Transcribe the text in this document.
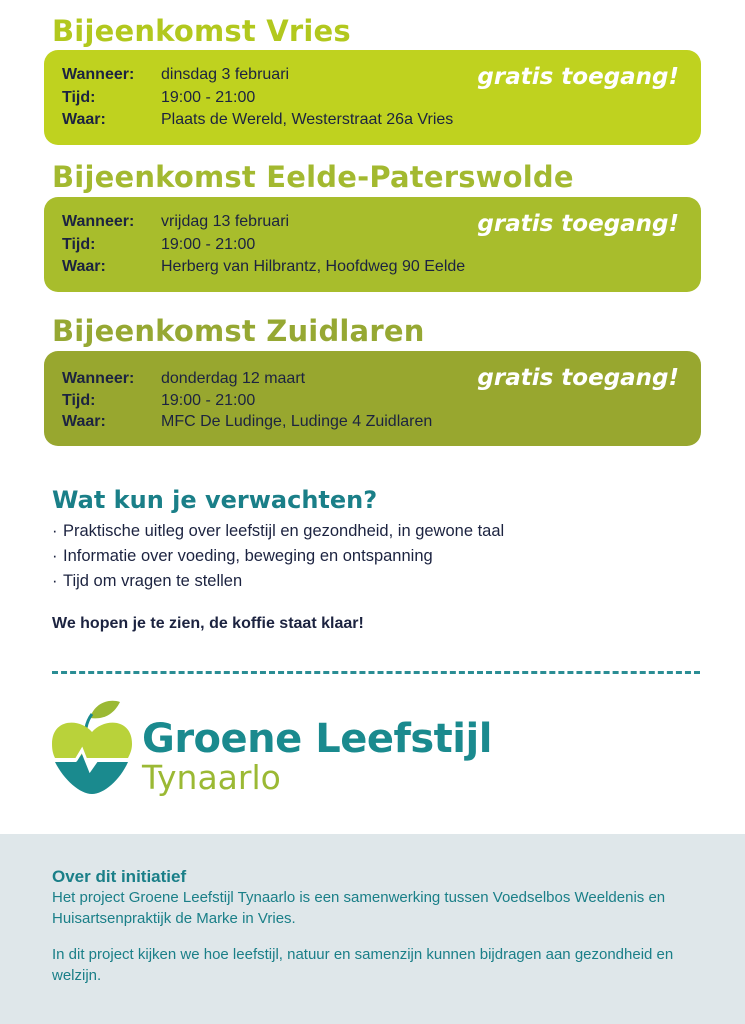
Bijeenkomst Vries
Wanneer:	dinsdag 3 februari
Tijd:	19:00 - 21:00
Waar:	Plaats de Wereld, Westerstraat 26a Vries
gratis toegang!
Bijeenkomst Eelde-Paterswolde
Wanneer:	vrijdag 13 februari
Tijd:	19:00 - 21:00
Waar:	Herberg van Hilbrantz, Hoofdweg 90 Eelde
gratis toegang!
Bijeenkomst Zuidlaren
Wanneer:	donderdag 12 maart
Tijd:	19:00 - 21:00
Waar:	MFC De Ludinge, Ludinge 4 Zuidlaren
gratis toegang!
Wat kun je verwachten?
· Praktische uitleg over leefstijl en gezondheid, in gewone taal
· Informatie over voeding, beweging en ontspanning
· Tijd om vragen te stellen
We hopen je te zien, de koffie staat klaar!
Groene Leefstijl
Tynaarlo
Over dit initiatief

Het project Groene Leefstijl Tynaarlo is een samenwerking tussen Voedselbos Weeldenis en Huisartsenpraktijk de Marke in Vries.

In dit project kijken we hoe leefstijl, natuur en samenzijn kunnen bijdragen aan gezondheid en welzijn.
